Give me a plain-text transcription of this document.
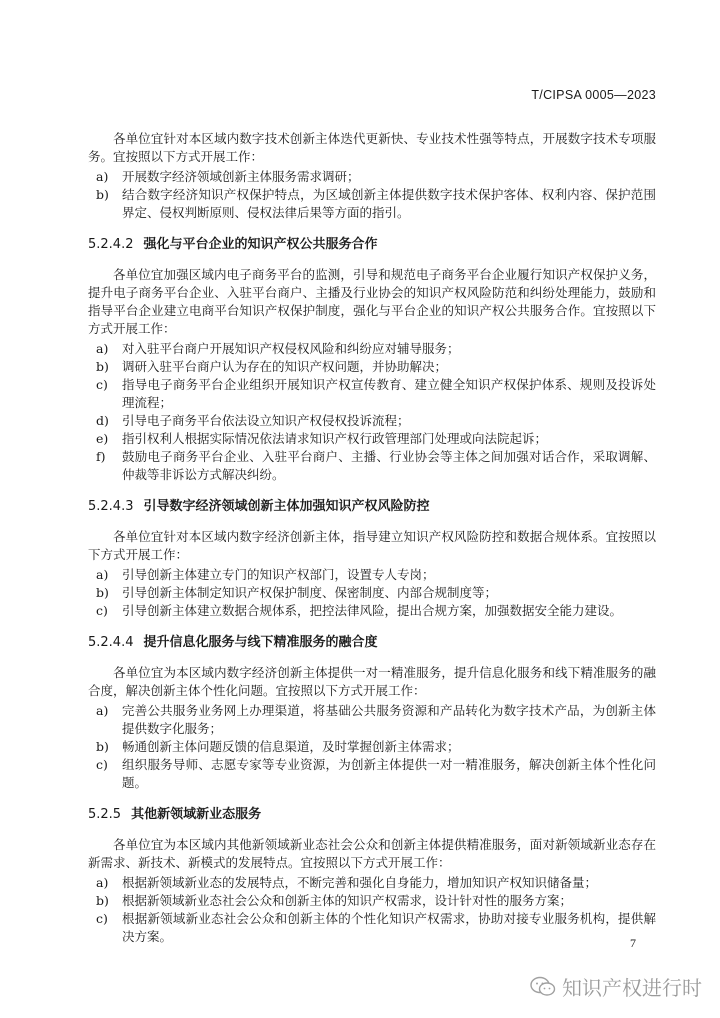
T/CIPSA 0005—2023

各单位宜针对本区域内数字技术创新主体迭代更新快、专业技术性强等特点，开展数字技术专项服务。宜按照以下方式开展工作：

a) 开展数字经济领域创新主体服务需求调研；
b) 结合数字经济知识产权保护特点，为区域创新主体提供数字技术保护客体、权利内容、保护范围界定、侵权判断原则、侵权法律后果等方面的指引。
5.2.4.2 强化与平台企业的知识产权公共服务合作

各单位宜加强区域内电子商务平台的监测，引导和规范电子商务平台企业履行知识产权保护义务，提升电子商务平台企业、入驻平台商户、主播及行业协会的知识产权风险防范和纠纷处理能力，鼓励和指导平台企业建立电商平台知识产权保护制度，强化与平台企业的知识产权公共服务合作。宜按照以下方式开展工作：

a) 对入驻平台商户开展知识产权侵权风险和纠纷应对辅导服务；
b) 调研入驻平台商户认为存在的知识产权问题，并协助解决；
c) 指导电子商务平台企业组织开展知识产权宣传教育、建立健全知识产权保护体系、规则及投诉处理流程；
d) 引导电子商务平台依法设立知识产权侵权投诉流程；
e) 指引权利人根据实际情况依法请求知识产权行政管理部门处理或向法院起诉；
f) 鼓励电子商务平台企业、入驻平台商户、主播、行业协会等主体之间加强对话合作，采取调解、仲裁等非诉讼方式解决纠纷。
5.2.4.3 引导数字经济领域创新主体加强知识产权风险防控

各单位宜针对本区域内数字经济创新主体，指导建立知识产权风险防控和数据合规体系。宜按照以下方式开展工作：

a) 引导创新主体建立专门的知识产权部门，设置专人专岗；
b) 引导创新主体制定知识产权保护制度、保密制度、内部合规制度等；
c) 引导创新主体建立数据合规体系，把控法律风险，提出合规方案，加强数据安全能力建设。
5.2.4.4 提升信息化服务与线下精准服务的融合度

各单位宜为本区域内数字经济创新主体提供一对一精准服务，提升信息化服务和线下精准服务的融合度，解决创新主体个性化问题。宜按照以下方式开展工作：

a) 完善公共服务业务网上办理渠道，将基础公共服务资源和产品转化为数字技术产品，为创新主体提供数字化服务；
b) 畅通创新主体问题反馈的信息渠道，及时掌握创新主体需求；
c) 组织服务导师、志愿专家等专业资源，为创新主体提供一对一精准服务，解决创新主体个性化问题。
5.2.5 其他新领域新业态服务

各单位宜为本区域内其他新领域新业态社会公众和创新主体提供精准服务，面对新领域新业态存在新需求、新技术、新模式的发展特点。宜按照以下方式开展工作：

a) 根据新领域新业态的发展特点，不断完善和强化自身能力，增加知识产权知识储备量；
b) 根据新领域新业态社会公众和创新主体的知识产权需求，设计针对性的服务方案；
c) 根据新领域新业态社会公众和创新主体的个性化知识产权需求，协助对接专业服务机构，提供解决方案。	7
知识产权进行时
